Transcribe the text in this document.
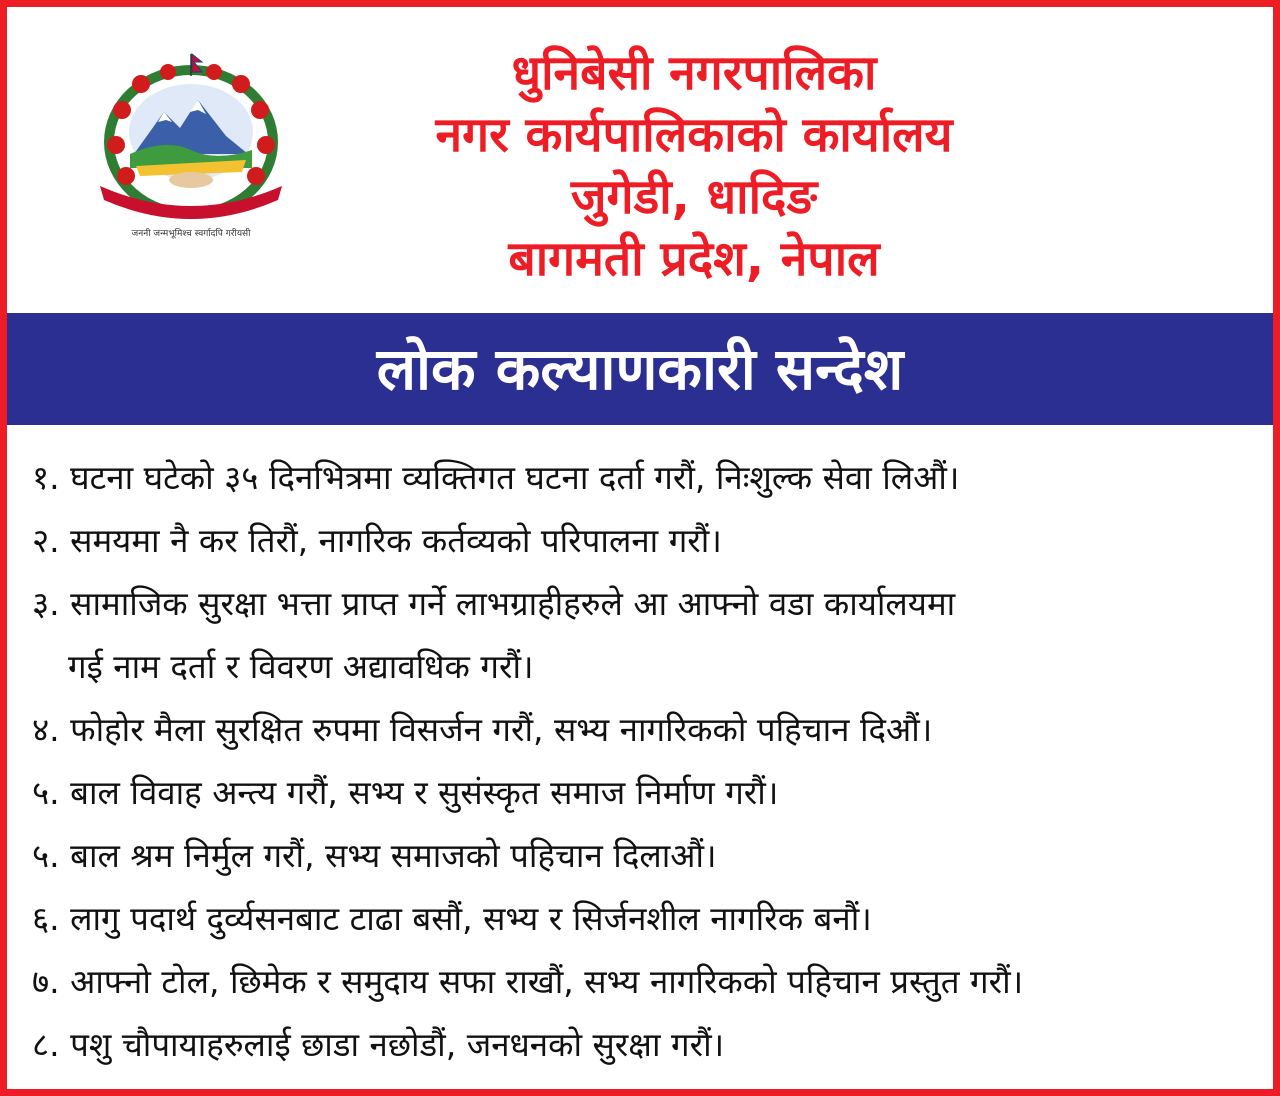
जननी जन्मभूमिश्च स्वर्गादपि गरीयसी
धुनिबेसी नगरपालिका
नगर कार्यपालिकाको कार्यालय
जुगेडी, धादिङ
बागमती प्रदेश, नेपाल
लोक कल्याणकारी सन्देश
१. घटना घटेको ३५ दिनभित्रमा व्यक्तिगत घटना दर्ता गरौं, निःशुल्क सेवा लिऔं।
२. समयमा नै कर तिरौं, नागरिक कर्तव्यको परिपालना गरौं।
३. सामाजिक सुरक्षा भत्ता प्राप्त गर्ने लाभग्राहीहरुले आ आफ्नो वडा कार्यालयमा
गई नाम दर्ता र विवरण अद्यावधिक गरौं।
४. फोहोर मैला सुरक्षित रुपमा विसर्जन गरौं, सभ्य नागरिकको पहिचान दिऔं।
५. बाल विवाह अन्त्य गरौं, सभ्य र सुसंस्कृत समाज निर्माण गरौं।
५. बाल श्रम निर्मुल गरौं, सभ्य समाजको पहिचान दिलाऔं।
६. लागु पदार्थ दुर्व्यसनबाट टाढा बसौं, सभ्य र सिर्जनशील नागरिक बनौं।
७. आफ्नो टोल, छिमेक र समुदाय सफा राखौं, सभ्य नागरिकको पहिचान प्रस्तुत गरौं।
८. पशु चौपायाहरुलाई छाडा नछोडौं, जनधनको सुरक्षा गरौं।
